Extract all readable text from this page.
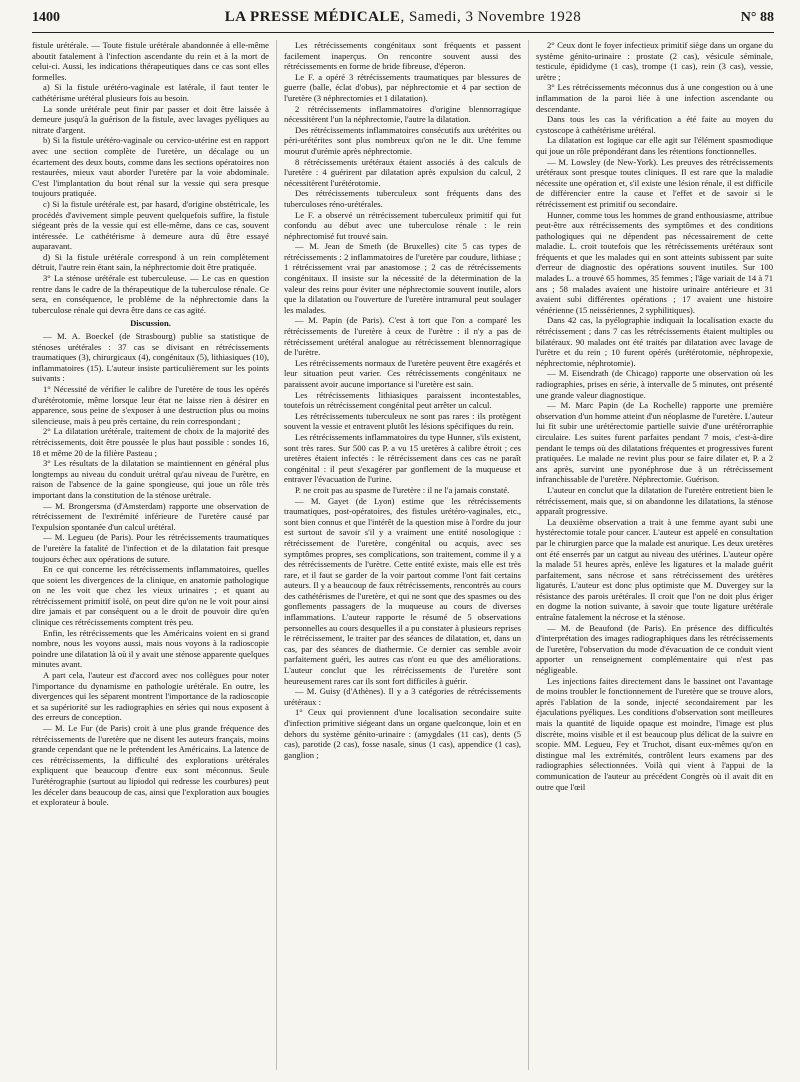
1400	LA PRESSE MÉDICALE, Samedi, 3 Novembre 1928	N° 88

fistule urétérale. — Toute fistule urétérale abandonnée à elle-même aboutit fatalement à l'infection ascendante du rein et à la mort de celui-ci. Aussi, les indications thérapeutiques dans ce cas sont elles formelles.

a) Si la fistule urétéro-vaginale est latérale, il faut tenter le cathétérisme urétéral plusieurs fois au besoin.

La sonde urétérale peut finir par passer et doit être laissée à demeure jusqu'à la guérison de la fistule, avec lavages pyéliques au nitrate d'argent.

b) Si la fistule urétéro-vaginale ou cervico-utérine est en rapport avec une section complète de l'uretère, un décalage ou un écartement des deux bouts, comme dans les sections opératoires non restaurées, mieux vaut aborder l'uretère par la voie abdominale. C'est l'implantation du bout rénal sur la vessie qui sera presque toujours pratiquée.

c) Si la fistule urétérale est, par hasard, d'origine obstétricale, les procédés d'avivement simple peuvent quelquefois suffire, la fistule siégeant près de la vessie qui est elle-même, dans ce cas, souvent intéressée. Le cathétérisme à demeure aura dû être essayé auparavant.

d) Si la fistule urétérale correspond à un rein complètement détruit, l'autre rein étant sain, la néphrectomie doit être pratiquée.

3° La sténose urétérale est tuberculeuse. — Le cas en question rentre dans le cadre de la thérapeutique de la tuberculose rénale. Ce sera, en conséquence, le problème de la néphrectomie dans la tuberculose rénale qui devra être dans ce cas agité.

Discussion.

— M. A. Boeckel (de Strasbourg) publie sa statistique de sténoses urétérales : 37 cas se divisant en rétrécissements traumatiques (3), chirurgicaux (4), congénitaux (5), lithiasiques (10), inflammatoires (15). L'auteur insiste particulièrement sur les points suivants :

1° Nécessité de vérifier le calibre de l'uretère de tous les opérés d'urétérotomie, même lorsque leur état ne laisse rien à désirer en apparence, sous peine de s'exposer à une destruction plus ou moins silencieuse, mais à peu près certaine, du rein correspondant ;

2° La dilatation urétérale, traitement de choix de la majorité des rétrécissements, doit être poussée le plus haut possible : sondes 16, 18 et même 20 de la filière Pasteau ;

3° Les résultats de la dilatation se maintiennent en général plus longtemps au niveau du conduit urétral qu'au niveau de l'urètre, en raison de l'absence de la gaine spongieuse, qui joue un rôle très important dans la constitution de la sténose urétrale.

— M. Brongersma (d'Amsterdam) rapporte une observation de rétrécissement de l'extrémité inférieure de l'uretère causé par l'expulsion spontanée d'un calcul urétéral.

— M. Legueu (de Paris). Pour les rétrécissements traumatiques de l'uretère la fatalité de l'infection et de la dilatation fait presque toujours échec aux opérations de suture.

En ce qui concerne les rétrécissements inflammatoires, quelles que soient les divergences de la clinique, en anatomie pathologique on ne les voit que chez les vieux urinaires ; et quant au rétrécissement primitif isolé, on peut dire qu'on ne le voit pour ainsi dire jamais et par conséquent ou a le droit de pouvoir dire qu'en clinique ces rétrécissements comptent très peu.

Enfin, les rétrécissements que les Américains voient en si grand nombre, nous les voyons aussi, mais nous voyons à la radioscopie poindre une dilatation là où il y avait une sténose apparente quelques minutes avant.

A part cela, l'auteur est d'accord avec nos collègues pour noter l'importance du dynamisme en pathologie urétérale. En outre, les divergences qui les séparent montrent l'importance de la radioscopie et sa supériorité sur les radiographies en séries qui nous exposent à des erreurs de conception.

— M. Le Fur (de Paris) croit à une plus grande fréquence des rétrécissements de l'uretère que ne disent les auteurs français, moins grande cependant que ne le prétendent les Américains. La latence de ces rétrécissements, la difficulté des explorations urétérales expliquent que beaucoup d'entre eux sont méconnus. Seule l'urétérographie (surtout au lipiodol qui redresse les courbures) peut les déceler dans beaucoup de cas, ainsi que l'exploration aux bougies et explorateur à boule.

Les rétrécissements congénitaux sont fréquents et passent facilement inaperçus. On rencontre souvent aussi des rétrécissements en forme de bride fibreuse, d'éperon.

Le F. a opéré 3 rétrécissements traumatiques par blessures de guerre (balle, éclat d'obus), par néphrectomie et 4 par section de l'uretère (3 néphrectomies et 1 dilatation).

2 rétrécissements inflammatoires d'origine blennorragique nécessitèrent l'un la néphrectomie, l'autre la dilatation.

Des rétrécissements inflammatoires consécutifs aux urétérites ou péri-urétérites sont plus nombreux qu'on ne le dit. Une femme mourut d'urémie après néphrectomie.

8 rétrécissements urétéraux étaient associés à des calculs de l'uretère : 4 guérirent par dilatation après expulsion du calcul, 2 nécessitèrent l'urétérotomie.

Des rétrécissements tuberculeux sont fréquents dans des tuberculoses réno-urétérales.

Le F. a observé un rétrécissement tuberculeux primitif qui fut confondu au début avec une tuberculose rénale : le rein néphrectomisé fut trouvé sain.

— M. Jean de Smeth (de Bruxelles) cite 5 cas types de rétrécissements : 2 inflammatoires de l'uretère par coudure, lithiase ; 1 rétrécissement vrai par anastomose ; 2 cas de rétrécissements congénitaux. Il insiste sur la nécessité de la détermination de la valeur des reins pour éviter une néphrectomie souvent inutile, alors que la dilatation ou l'ouverture de l'uretère intramural peut soulager les malades.

— M. Papin (de Paris). C'est à tort que l'on a comparé les rétrécissements de l'uretère à ceux de l'urètre : il n'y a pas de rétrécissement urétéral analogue au rétrécissement blennorragique de l'urètre.

Les rétrécissements normaux de l'uretère peuvent être exagérés et leur situation peut varier. Ces rétrécissements congénitaux ne paraissent avoir aucune importance si l'uretère est sain.

Les rétrécissements lithiasiques paraissent incontestables, toutefois un rétrécissement congénital peut arrêter un calcul.

Les rétrécissements tuberculeux ne sont pas rares : ils protègent souvent la vessie et entravent plutôt les lésions spécifiques du rein.

Les rétrécissements inflammatoires du type Hunner, s'ils existent, sont très rares. Sur 500 cas P. a vu 15 uretères à calibre étroit ; ces uretères étaient infectés : le rétrécissement dans ces cas ne paraît congénital : il peut s'exagérer par gonflement de la muqueuse et entraver l'évacuation de l'urine.

P. ne croit pas au spasme de l'uretère : il ne l'a jamais constaté.

— M. Gayet (de Lyon) estime que les rétrécissements traumatiques, post-opératoires, des fistules urétéro-vaginales, etc., sont bien connus et que l'intérêt de la question mise à l'ordre du jour est surtout de savoir s'il y a vraiment une entité nosologique : rétrécissement de l'uretère, congénital ou acquis, avec ses symptômes propres, ses complications, son traitement, comme il y a des rétrécissements de l'urètre. Cette entité existe, mais elle est très rare, et il faut se garder de la voir partout comme l'ont fait certains auteurs. Il y a beaucoup de faux rétrécissements, rencontrés au cours des cathétérismes de l'uretère, et qui ne sont que des spasmes ou des gonflements passagers de la muqueuse au cours de diverses inflammations. L'auteur rapporte le résumé de 5 observations personnelles au cours desquelles il a pu constater à plusieurs reprises le rétrécissement, le traiter par des séances de dilatation, et, dans un cas, par des séances de diathermie. Ce dernier cas semble avoir parfaitement guéri, les autres cas n'ont eu que des améliorations. L'auteur conclut que les rétrécissements de l'uretère sont heureusement rares car ils sont fort difficiles à guérir.

— M. Guisy (d'Athènes). Il y a 3 catégories de rétrécissements urétéraux :

1° Ceux qui proviennent d'une localisation secondaire suite d'infection primitive siégeant dans un organe quelconque, loin et en dehors du système génito-urinaire : (amygdales (11 cas), dents (5 cas), parotide (2 cas), fosse nasale, sinus (1 cas), appendice (1 cas), ganglion ;

2° Ceux dont le foyer infectieux primitif siège dans un organe du système génito-urinaire : prostate (2 cas), vésicule séminale, testicule, épididyme (1 cas), trompe (1 cas), rein (3 cas), vessie, urètre ;

3° Les rétrécissements méconnus dus à une congestion ou à une inflammation de la paroi liée à une infection ascendante ou descendante.

Dans tous les cas la vérification a été faite au moyen du cystoscope à cathétérisme urétéral.

La dilatation est logique car elle agit sur l'élément spasmodique qui joue un rôle prépondérant dans les rétentions fonctionnelles.

— M. Lowsley (de New-York). Les preuves des rétrécissements urétéraux sont presque toutes cliniques. Il est rare que la maladie nécessite une opération et, s'il existe une lésion rénale, il est difficile de différencier entre la cause et l'effet et de savoir si le rétrécissement est primitif ou secondaire.

Hunner, comme tous les hommes de grand enthousiasme, attribue peut-être aux rétrécissements des symptômes et des conditions pathologiques qui ne dépendent pas nécessairement de cette maladie. L. croit toutefois que les rétrécissements urétéraux sont fréquents et que les malades qui en sont atteints subissent par suite d'erreur de diagnostic des opérations souvent inutiles. Sur 100 malades L. a trouvé 65 hommes, 35 femmes ; l'âge variait de 14 à 71 ans ; 58 malades avaient une histoire urinaire antérieure et 31 avaient subi différentes opérations ; 17 avaient une histoire vénérienne (15 neissériennes, 2 syphilitiques).

Dans 42 cas, la pyélographie indiquait la localisation exacte du rétrécissement ; dans 7 cas les rétrécissements étaient multiples ou bilatéraux. 90 malades ont été traités par dilatation avec lavage de l'urètre et du rein ; 10 furent opérés (urétérotomie, néphropexie, néphrectomie, néphrotomie).

— M. Eisendrath (de Chicago) rapporte une observation où les radiographies, prises en série, à intervalle de 5 minutes, ont présenté une grande valeur diagnostique.

— M. Marc Papin (de La Rochelle) rapporte une première observation d'un homme atteint d'un néoplasme de l'uretère. L'auteur lui fit subir une urétérectomie partielle suivie d'une urétérorraphie circulaire. Les suites furent parfaites pendant 7 mois, c'est-à-dire pendant le temps où des dilatations fréquentes et progressives furent pratiquées. Le malade ne revint plus pour se faire dilater et, P. a 2 ans après, survint une pyonéphrose due à un rétrécissement infranchissable de l'uretère. Néphrectomie. Guérison.

L'auteur en conclut que la dilatation de l'uretère entretient bien le rétrécissement, mais que, si on abandonne les dilatations, la sténose apparaît progressive.

La deuxième observation a trait à une femme ayant subi une hystérectomie totale pour cancer. L'auteur est appelé en consultation par le chirurgien parce que la malade est anurique. Les deux uretères ont été enserrés par un catgut au niveau des utérines. L'auteur opère la malade 51 heures après, enlève les ligatures et la malade guérit parfaitement, sans nécrose et sans rétrécissement des urétères ligaturés. L'auteur est donc plus optimiste que M. Duvergey sur la résistance des parois urétérales. Il croit que l'on ne doit plus ériger en dogme la notion suivante, à savoir que toute ligature urétérale entraîne fatalement la nécrose et la sténose.

— M. de Beaufond (de Paris). En présence des difficultés d'interprétation des images radiographiques dans les rétrécissements de l'uretère, l'observation du mode d'évacuation de ce conduit vient apporter un renseignement complémentaire qui n'est pas négligeable.

Les injections faites directement dans le bassinet ont l'avantage de moins troubler le fonctionnement de l'uretère que se trouve alors, après l'ablation de la sonde, injecté secondairement par les éjaculations pyéliques. Les conditions d'observation sont meilleures mais la quantité de liquide opaque est moindre, l'image est plus discrète, moins visible et il est beaucoup plus délicat de la suivre en scopie. MM. Legueu, Fey et Truchot, disant eux-mêmes qu'on en distingue mal les extrémités, contrôlent leurs examens par des radiographies sélectionnées. Voilà qui vient à l'appui de la communication de l'auteur au précédent Congrès où il avait dit en outre que l'œil
